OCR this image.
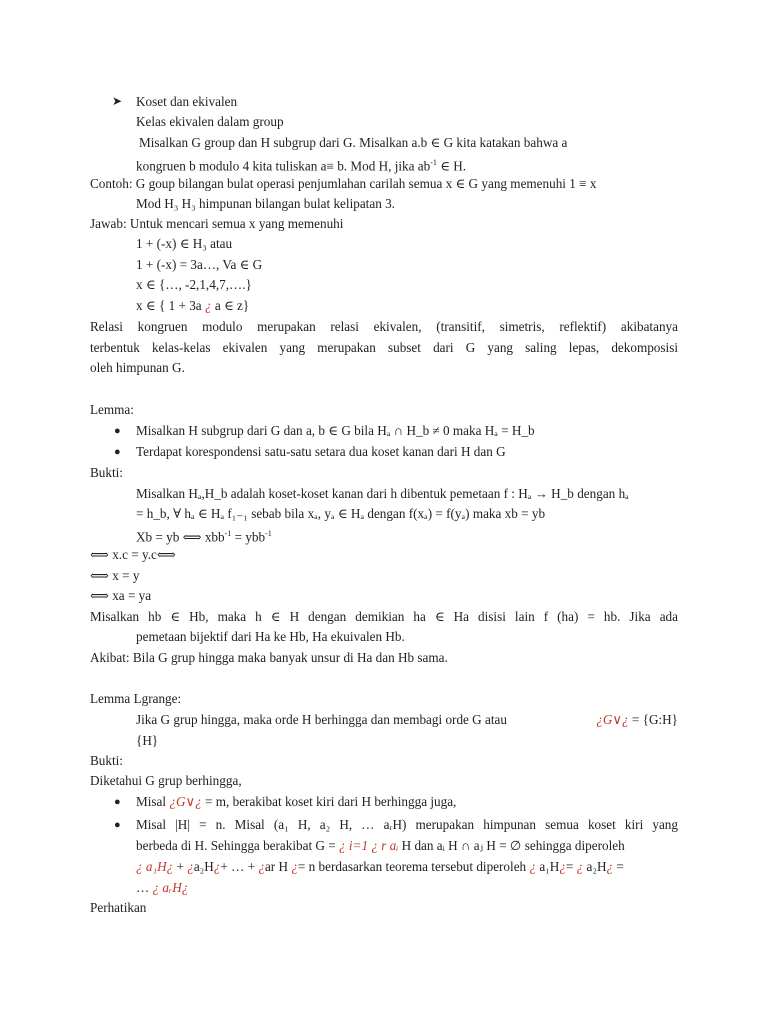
➤ Koset dan ekivalen
Kelas ekivalen dalam group
Misalkan G group dan H subgrup dari G. Misalkan a.b ∈ G kita katakan bahwa a
kongruen b modulo 4 kita tuliskan a≡ b. Mod H, jika $ab^{-1}$ ∈ H.
Contoh: G goup bilangan bulat operasi penjumlahan carilah semua x ∈ G yang memenuhi 1 ≡ x
Mod H₃ H₃ himpunan bilangan bulat kelipatan 3.
Jawab: Untuk mencari semua x yang memenuhi
1 + (-x) ∈ H₃ atau
1 + (-x) = 3a…, Va ∈ G
x ∈ {…, -2,1,4,7,….}
x ∈ { 1 + 3a ¿ a ∈ z}
Relasi kongruen modulo merupakan relasi ekivalen, (transitif, simetris, reflektif) akibatanya
terbentuk kelas-kelas ekivalen yang merupakan subset dari G yang saling lepas, dekomposisi
oleh himpunan G.
Lemma:
● Misalkan H subgrup dari G dan a, b ∈ G bila Hₐ ∩ H_b ≠ 0 maka Hₐ = H_b
● Terdapat korespondensi satu-satu setara dua koset kanan dari H dan G
Bukti:
Misalkan Hₐ,H_b adalah koset-koset kanan dari h dibentuk pemetaan f : Hₐ → H_b dengan hₐ
= h_b, ∀ hₐ ∈ Hₐ f₁₋₁ sebab bila xₐ, yₐ ∈ Hₐ dengan f(xₐ) = f(yₐ) maka xb = yb
Xb = yb ⟺ xbb$^{-1}$ = ybb$^{-1}$
⟺ x.c = y.c⟺
⟺ x = y
⟺ xa = ya
Misalkan hb ∈ Hb, maka h ∈ H dengan demikian ha ∈ Ha disisi lain f (ha) = hb. Jika ada
pemetaan bijektif dari Ha ke Hb, Ha ekuivalen Hb.
Akibat: Bila G grup hingga maka banyak unsur di Ha dan Hb sama.
Lemma Lgrange:
Jika G grup hingga, maka orde H berhingga dan membagi orde G atau	¿G∨¿ = {G:H}
{H}
Bukti:
Diketahui G grup berhingga,
● Misal ¿G∨¿ = m, berakibat koset kiri dari H berhingga juga,
● Misal |H| = n. Misal (a₁ H, a₂ H, … aᵣH) merupakan himpunan semua koset kiri yang
berbeda di H. Sehingga berakibat G = ¿ i=1 ¿ r aᵢ H dan aᵢ H ∩ aⱼ H = ∅ sehingga diperoleh
¿ a₁H¿ + ¿a₂H¿+ … + ¿ar H ¿= n berdasarkan teorema tersebut diperoleh ¿ a₁H¿= ¿ a₂H¿ =
… ¿ aᵣH¿
Perhatikan
